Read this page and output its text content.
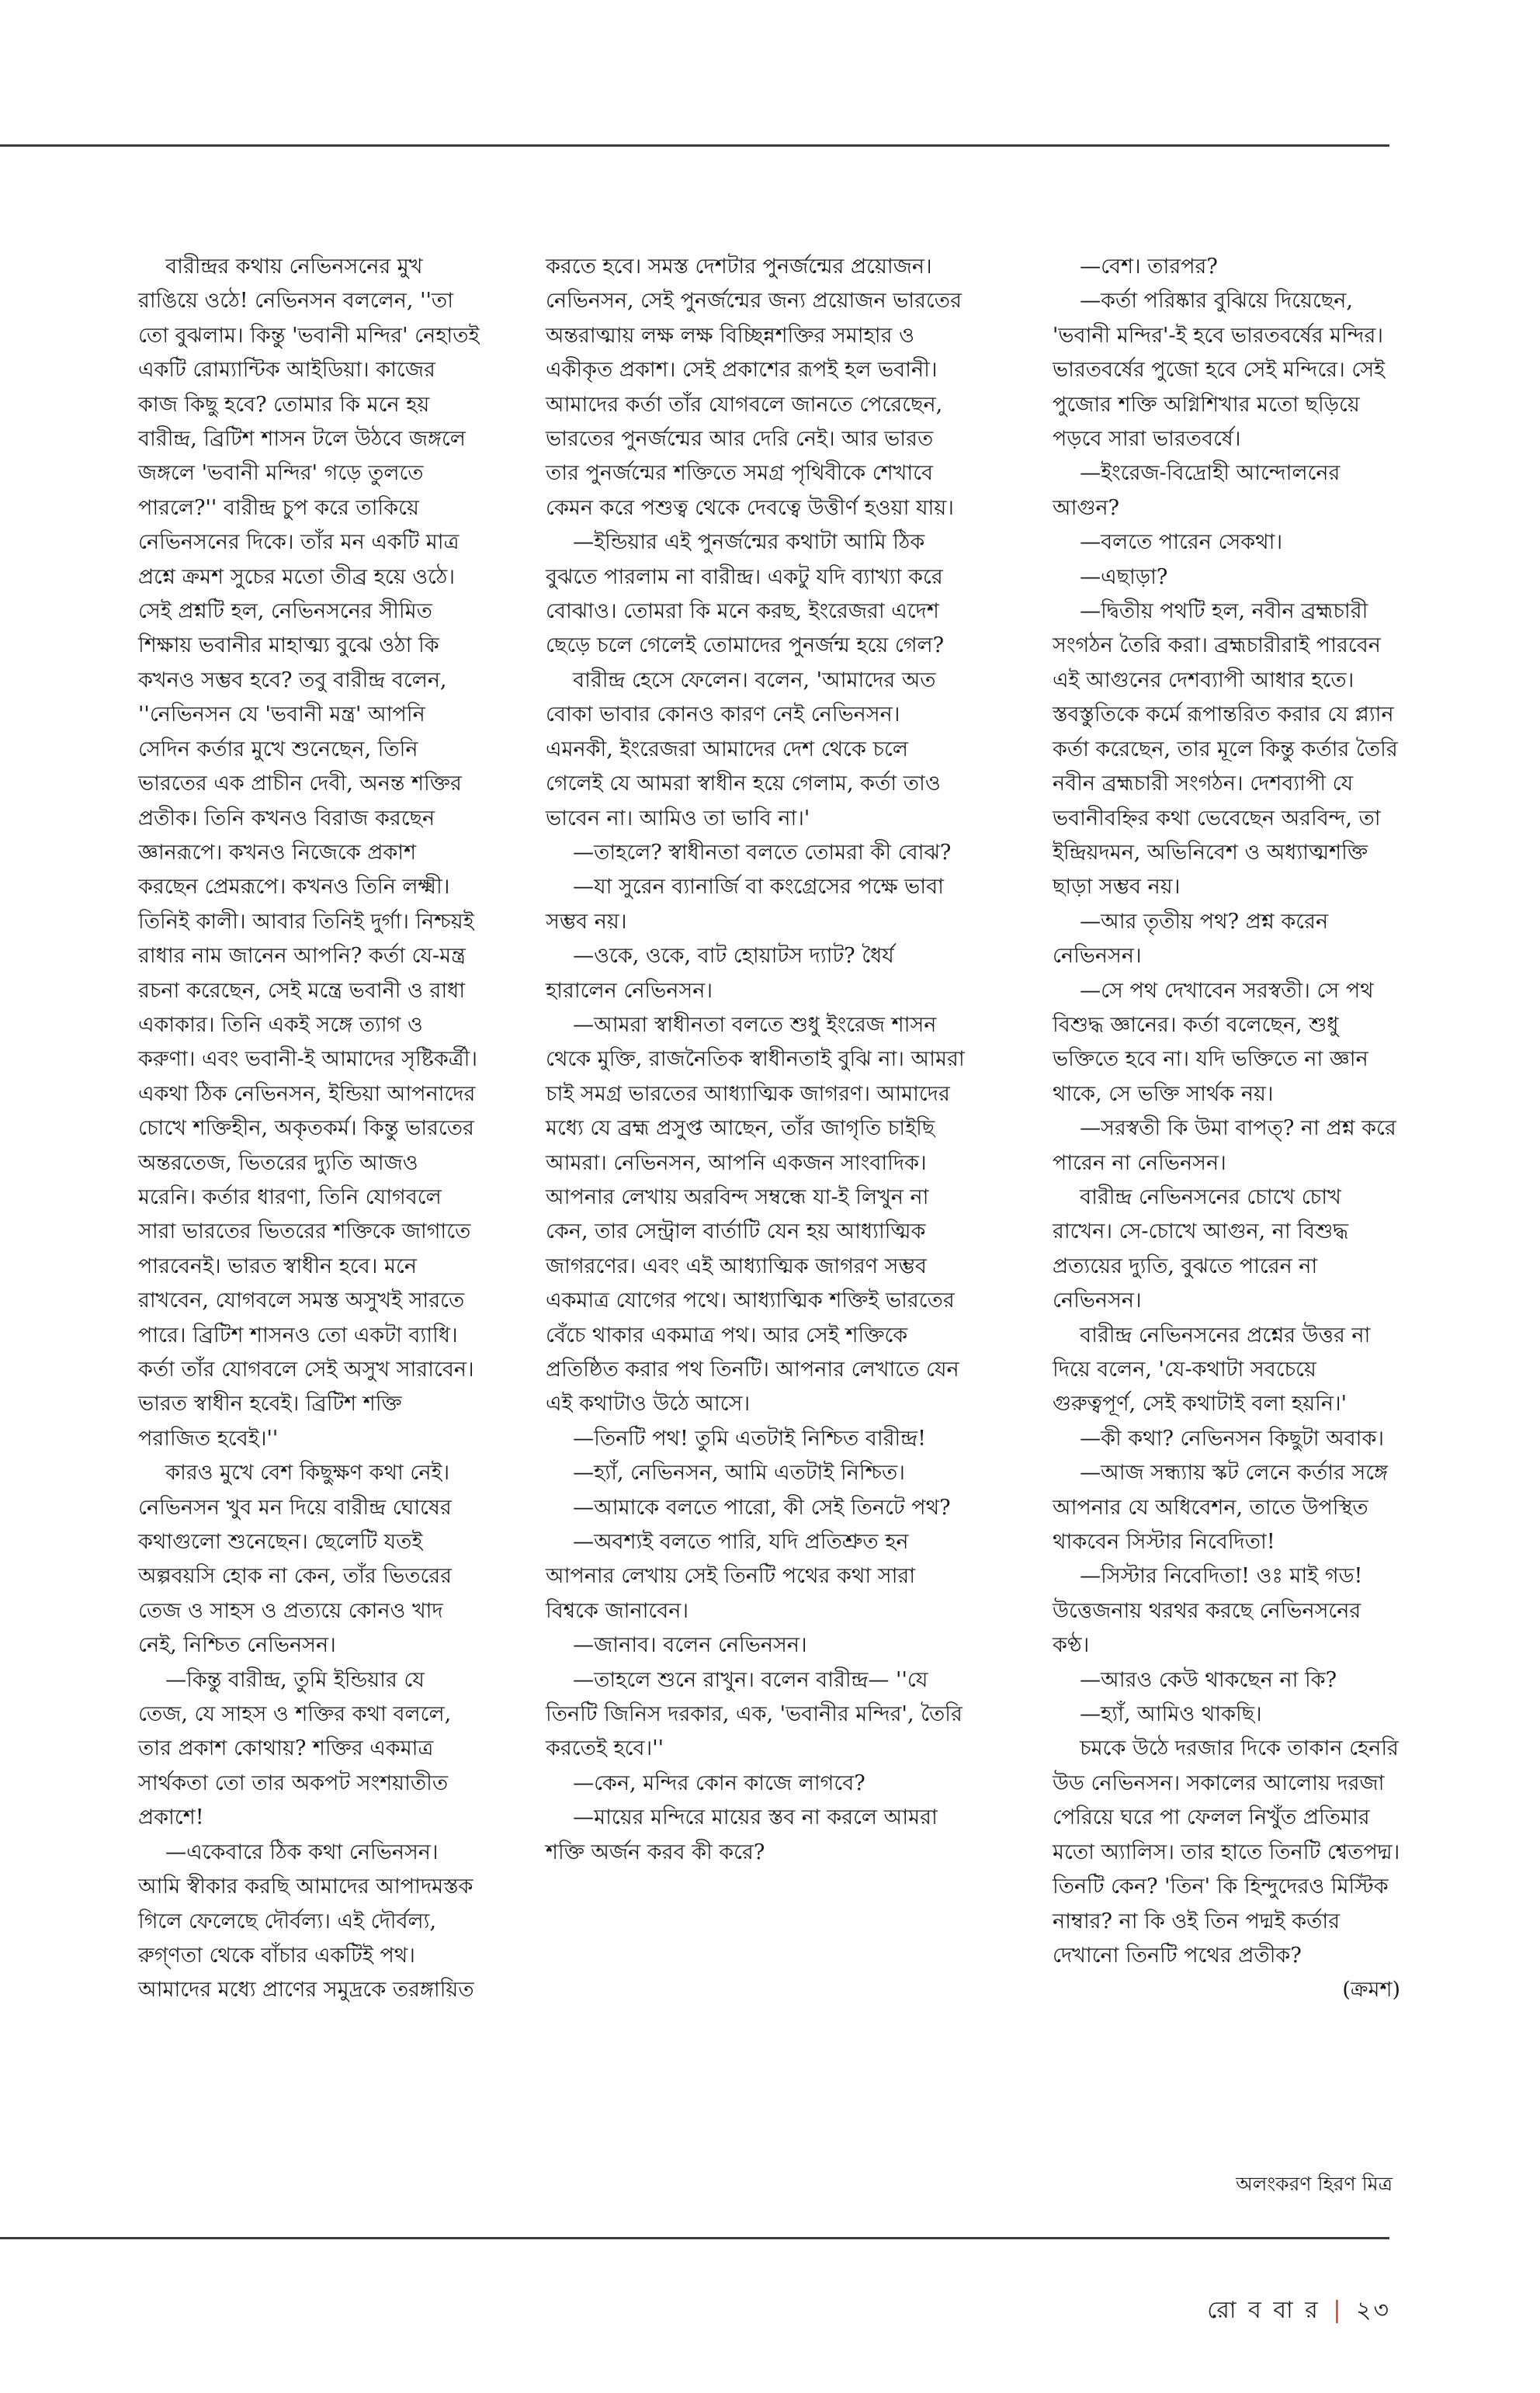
বারীন্দ্রর কথায় নেভিনসনের মুখ রাঙিয়ে ওঠে! নেভিনসন বললেন, ''তা তো বুঝলাম। কিন্তু 'ভবানী মন্দির' নেহাতই একটি রোম্যান্টিক আইডিয়া। কাজের কাজ কিছু হবে? তোমার কি মনে হয় বারীন্দ্র, ব্রিটিশ শাসন টলে উঠবে জঙ্গলে জঙ্গলে 'ভবানী মন্দির' গড়ে তুলতে পারলে?'' বারীন্দ্র চুপ করে তাকিয়ে নেভিনসনের দিকে। তাঁর মন একটি মাত্র প্রশ্নে ক্রমশ সুচের মতো তীব্র হয়ে ওঠে। সেই প্রশ্নটি হল, নেভিনসনের সীমিত শিক্ষায় ভবানীর মাহাত্ম্য বুঝে ওঠা কি কখনও সম্ভব হবে? তবু বারীন্দ্র বলেন, ''নেভিনসন যে 'ভবানী মন্ত্র' আপনি সেদিন কর্তার মুখে শুনেছেন, তিনি ভারতের এক প্রাচীন দেবী, অনন্ত শক্তির প্রতীক। তিনি কখনও বিরাজ করছেন জ্ঞানরূপে। কখনও নিজেকে প্রকাশ করছেন প্রেমরূপে। কখনও তিনি লক্ষ্মী। তিনিই কালী। আবার তিনিই দুর্গা। নিশ্চয়ই রাধার নাম জানেন আপনি? কর্তা যে-মন্ত্র রচনা করেছেন, সেই মন্ত্রে ভবানী ও রাধা একাকার। তিনি একই সঙ্গে ত্যাগ ও করুণা। এবং ভবানী-ই আমাদের সৃষ্টিকর্ত্রী। একথা ঠিক নেভিনসন, ইন্ডিয়া আপনাদের চোখে শক্তিহীন, অকৃতকর্ম। কিন্তু ভারতের অন্তরতেজ, ভিতরের দ্যুতি আজও মরেনি। কর্তার ধারণা, তিনি যোগবলে সারা ভারতের ভিতরের শক্তিকে জাগাতে পারবেনই। ভারত স্বাধীন হবে। মনে রাখবেন, যোগবলে সমস্ত অসুখই সারতে পারে। ব্রিটিশ শাসনও তো একটা ব্যাধি। কর্তা তাঁর যোগবলে সেই অসুখ সারাবেন। ভারত স্বাধীন হবেই। ব্রিটিশ শক্তি পরাজিত হবেই।''

কারও মুখে বেশ কিছুক্ষণ কথা নেই। নেভিনসন খুব মন দিয়ে বারীন্দ্র ঘোষের কথাগুলো শুনেছেন। ছেলেটি যতই অল্পবয়সি হোক না কেন, তাঁর ভিতরের তেজ ও সাহস ও প্রত্যয়ে কোনও খাদ নেই, নিশ্চিত নেভিনসন।

—কিন্তু বারীন্দ্র, তুমি ইন্ডিয়ার যে তেজ, যে সাহস ও শক্তির কথা বললে, তার প্রকাশ কোথায়? শক্তির একমাত্র সার্থকতা তো তার অকপট সংশয়াতীত প্রকাশে!

—একেবারে ঠিক কথা নেভিনসন। আমি স্বীকার করছি আমাদের আপাদমস্তক গিলে ফেলেছে দৌর্বল্য। এই দৌর্বল্য, রুগ্ণতা থেকে বাঁচার একটিই পথ। আমাদের মধ্যে প্রাণের সমুদ্রকে তরঙ্গায়িত

করতে হবে। সমস্ত দেশটার পুনর্জন্মের প্রয়োজন। নেভিনসন, সেই পুনর্জন্মের জন্য প্রয়োজন ভারতের অন্তরাত্মায় লক্ষ লক্ষ বিচ্ছিন্নশক্তির সমাহার ও একীকৃত প্রকাশ। সেই প্রকাশের রূপই হল ভবানী। আমাদের কর্তা তাঁর যোগবলে জানতে পেরেছেন, ভারতের পুনর্জন্মের আর দেরি নেই। আর ভারত তার পুনর্জন্মের শক্তিতে সমগ্র পৃথিবীকে শেখাবে কেমন করে পশুত্ব থেকে দেবত্বে উত্তীর্ণ হওয়া যায়।

—ইন্ডিয়ার এই পুনর্জন্মের কথাটা আমি ঠিক বুঝতে পারলাম না বারীন্দ্র। একটু যদি ব্যাখ্যা করে বোঝাও। তোমরা কি মনে করছ, ইংরেজরা এদেশ ছেড়ে চলে গেলেই তোমাদের পুনর্জন্ম হয়ে গেল?

বারীন্দ্র হেসে ফেলেন। বলেন, 'আমাদের অত বোকা ভাবার কোনও কারণ নেই নেভিনসন। এমনকী, ইংরেজরা আমাদের দেশ থেকে চলে গেলেই যে আমরা স্বাধীন হয়ে গেলাম, কর্তা তাও ভাবেন না। আমিও তা ভাবি না।'

—তাহলে? স্বাধীনতা বলতে তোমরা কী বোঝ?

—যা সুরেন ব্যানার্জি বা কংগ্রেসের পক্ষে ভাবা সম্ভব নয়।

—ওকে, ওকে, বাট হোয়াটস দ্যাট? ধৈর্য হারালেন নেভিনসন।

—আমরা স্বাধীনতা বলতে শুধু ইংরেজ শাসন থেকে মুক্তি, রাজনৈতিক স্বাধীনতাই বুঝি না। আমরা চাই সমগ্র ভারতের আধ্যাত্মিক জাগরণ। আমাদের মধ্যে যে ব্রহ্ম প্রসুপ্ত আছেন, তাঁর জাগৃতি চাইছি আমরা। নেভিনসন, আপনি একজন সাংবাদিক। আপনার লেখায় অরবিন্দ সম্বন্ধে যা-ই লিখুন না কেন, তার সেন্ট্রাল বার্তাটি যেন হয় আধ্যাত্মিক জাগরণের। এবং এই আধ্যাত্মিক জাগরণ সম্ভব একমাত্র যোগের পথে। আধ্যাত্মিক শক্তিই ভারতের বেঁচে থাকার একমাত্র পথ। আর সেই শক্তিকে প্রতিষ্ঠিত করার পথ তিনটি। আপনার লেখাতে যেন এই কথাটাও উঠে আসে।

—তিনটি পথ! তুমি এতটাই নিশ্চিত বারীন্দ্র!

—হ্যাঁ, নেভিনসন, আমি এতটাই নিশ্চিত।

—আমাকে বলতে পারো, কী সেই তিনটে পথ?

—অবশ্যই বলতে পারি, যদি প্রতিশ্রুত হন আপনার লেখায় সেই তিনটি পথের কথা সারা বিশ্বকে জানাবেন।

—জানাব। বলেন নেভিনসন।

—তাহলে শুনে রাখুন। বলেন বারীন্দ্র— ''যে তিনটি জিনিস দরকার, এক, 'ভবানীর মন্দির', তৈরি করতেই হবে।''

—কেন, মন্দির কোন কাজে লাগবে?

—মায়ের মন্দিরে মায়ের স্তব না করলে আমরা শক্তি অর্জন করব কী করে?

—বেশ। তারপর?

—কর্তা পরিষ্কার বুঝিয়ে দিয়েছেন, 'ভবানী মন্দির'-ই হবে ভারতবর্ষের মন্দির। ভারতবর্ষের পুজো হবে সেই মন্দিরে। সেই পুজোর শক্তি অগ্নিশিখার মতো ছড়িয়ে পড়বে সারা ভারতবর্ষে।

—ইংরেজ-বিদ্রোহী আন্দোলনের আগুন?

—বলতে পারেন সেকথা।

—এছাড়া?

—দ্বিতীয় পথটি হল, নবীন ব্রহ্মচারী সংগঠন তৈরি করা। ব্রহ্মচারীরাই পারবেন এই আগুনের দেশব্যাপী আধার হতে। স্তবস্তুতিকে কর্মে রূপান্তরিত করার যে প্ল্যান কর্তা করেছেন, তার মূলে কিন্তু কর্তার তৈরি নবীন ব্রহ্মচারী সংগঠন। দেশব্যাপী যে ভবানীবহ্নির কথা ভেবেছেন অরবিন্দ, তা ইন্দ্রিয়দমন, অভিনিবেশ ও অধ্যাত্মশক্তি ছাড়া সম্ভব নয়।

—আর তৃতীয় পথ? প্রশ্ন করেন নেভিনসন।

—সে পথ দেখাবেন সরস্বতী। সে পথ বিশুদ্ধ জ্ঞানের। কর্তা বলেছেন, শুধু ভক্তিতে হবে না। যদি ভক্তিতে না জ্ঞান থাকে, সে ভক্তি সার্থক নয়।

—সরস্বতী কি উমা বাপত্? না প্রশ্ন করে পারেন না নেভিনসন।

বারীন্দ্র নেভিনসনের চোখে চোখ রাখেন। সে-চোখে আগুন, না বিশুদ্ধ প্রত্যয়ের দ্যুতি, বুঝতে পারেন না নেভিনসন।

বারীন্দ্র নেভিনসনের প্রশ্নের উত্তর না দিয়ে বলেন, 'যে-কথাটা সবচেয়ে গুরুত্বপূর্ণ, সেই কথাটাই বলা হয়নি।'

—কী কথা? নেভিনসন কিছুটা অবাক।

—আজ সন্ধ্যায় স্কট লেনে কর্তার সঙ্গে আপনার যে অধিবেশন, তাতে উপস্থিত থাকবেন সিস্টার নিবেদিতা!

—সিস্টার নিবেদিতা! ওঃ মাই গড! উত্তেজনায় থরথর করছে নেভিনসনের কণ্ঠ।

—আরও কেউ থাকছেন না কি?

—হ্যাঁ, আমিও থাকছি।

চমকে উঠে দরজার দিকে তাকান হেনরি উড নেভিনসন। সকালের আলোয় দরজা পেরিয়ে ঘরে পা ফেলল নিখুঁত প্রতিমার মতো অ্যালিস। তার হাতে তিনটি শ্বেতপদ্ম। তিনটি কেন? 'তিন' কি হিন্দুদেরও মিস্টিক নাম্বার? না কি ওই তিন পদ্মই কর্তার দেখানো তিনটি পথের প্রতীক?

(ক্রমশ)

অলংকরণ হিরণ মিত্র
রো ব বা র | ২৩
